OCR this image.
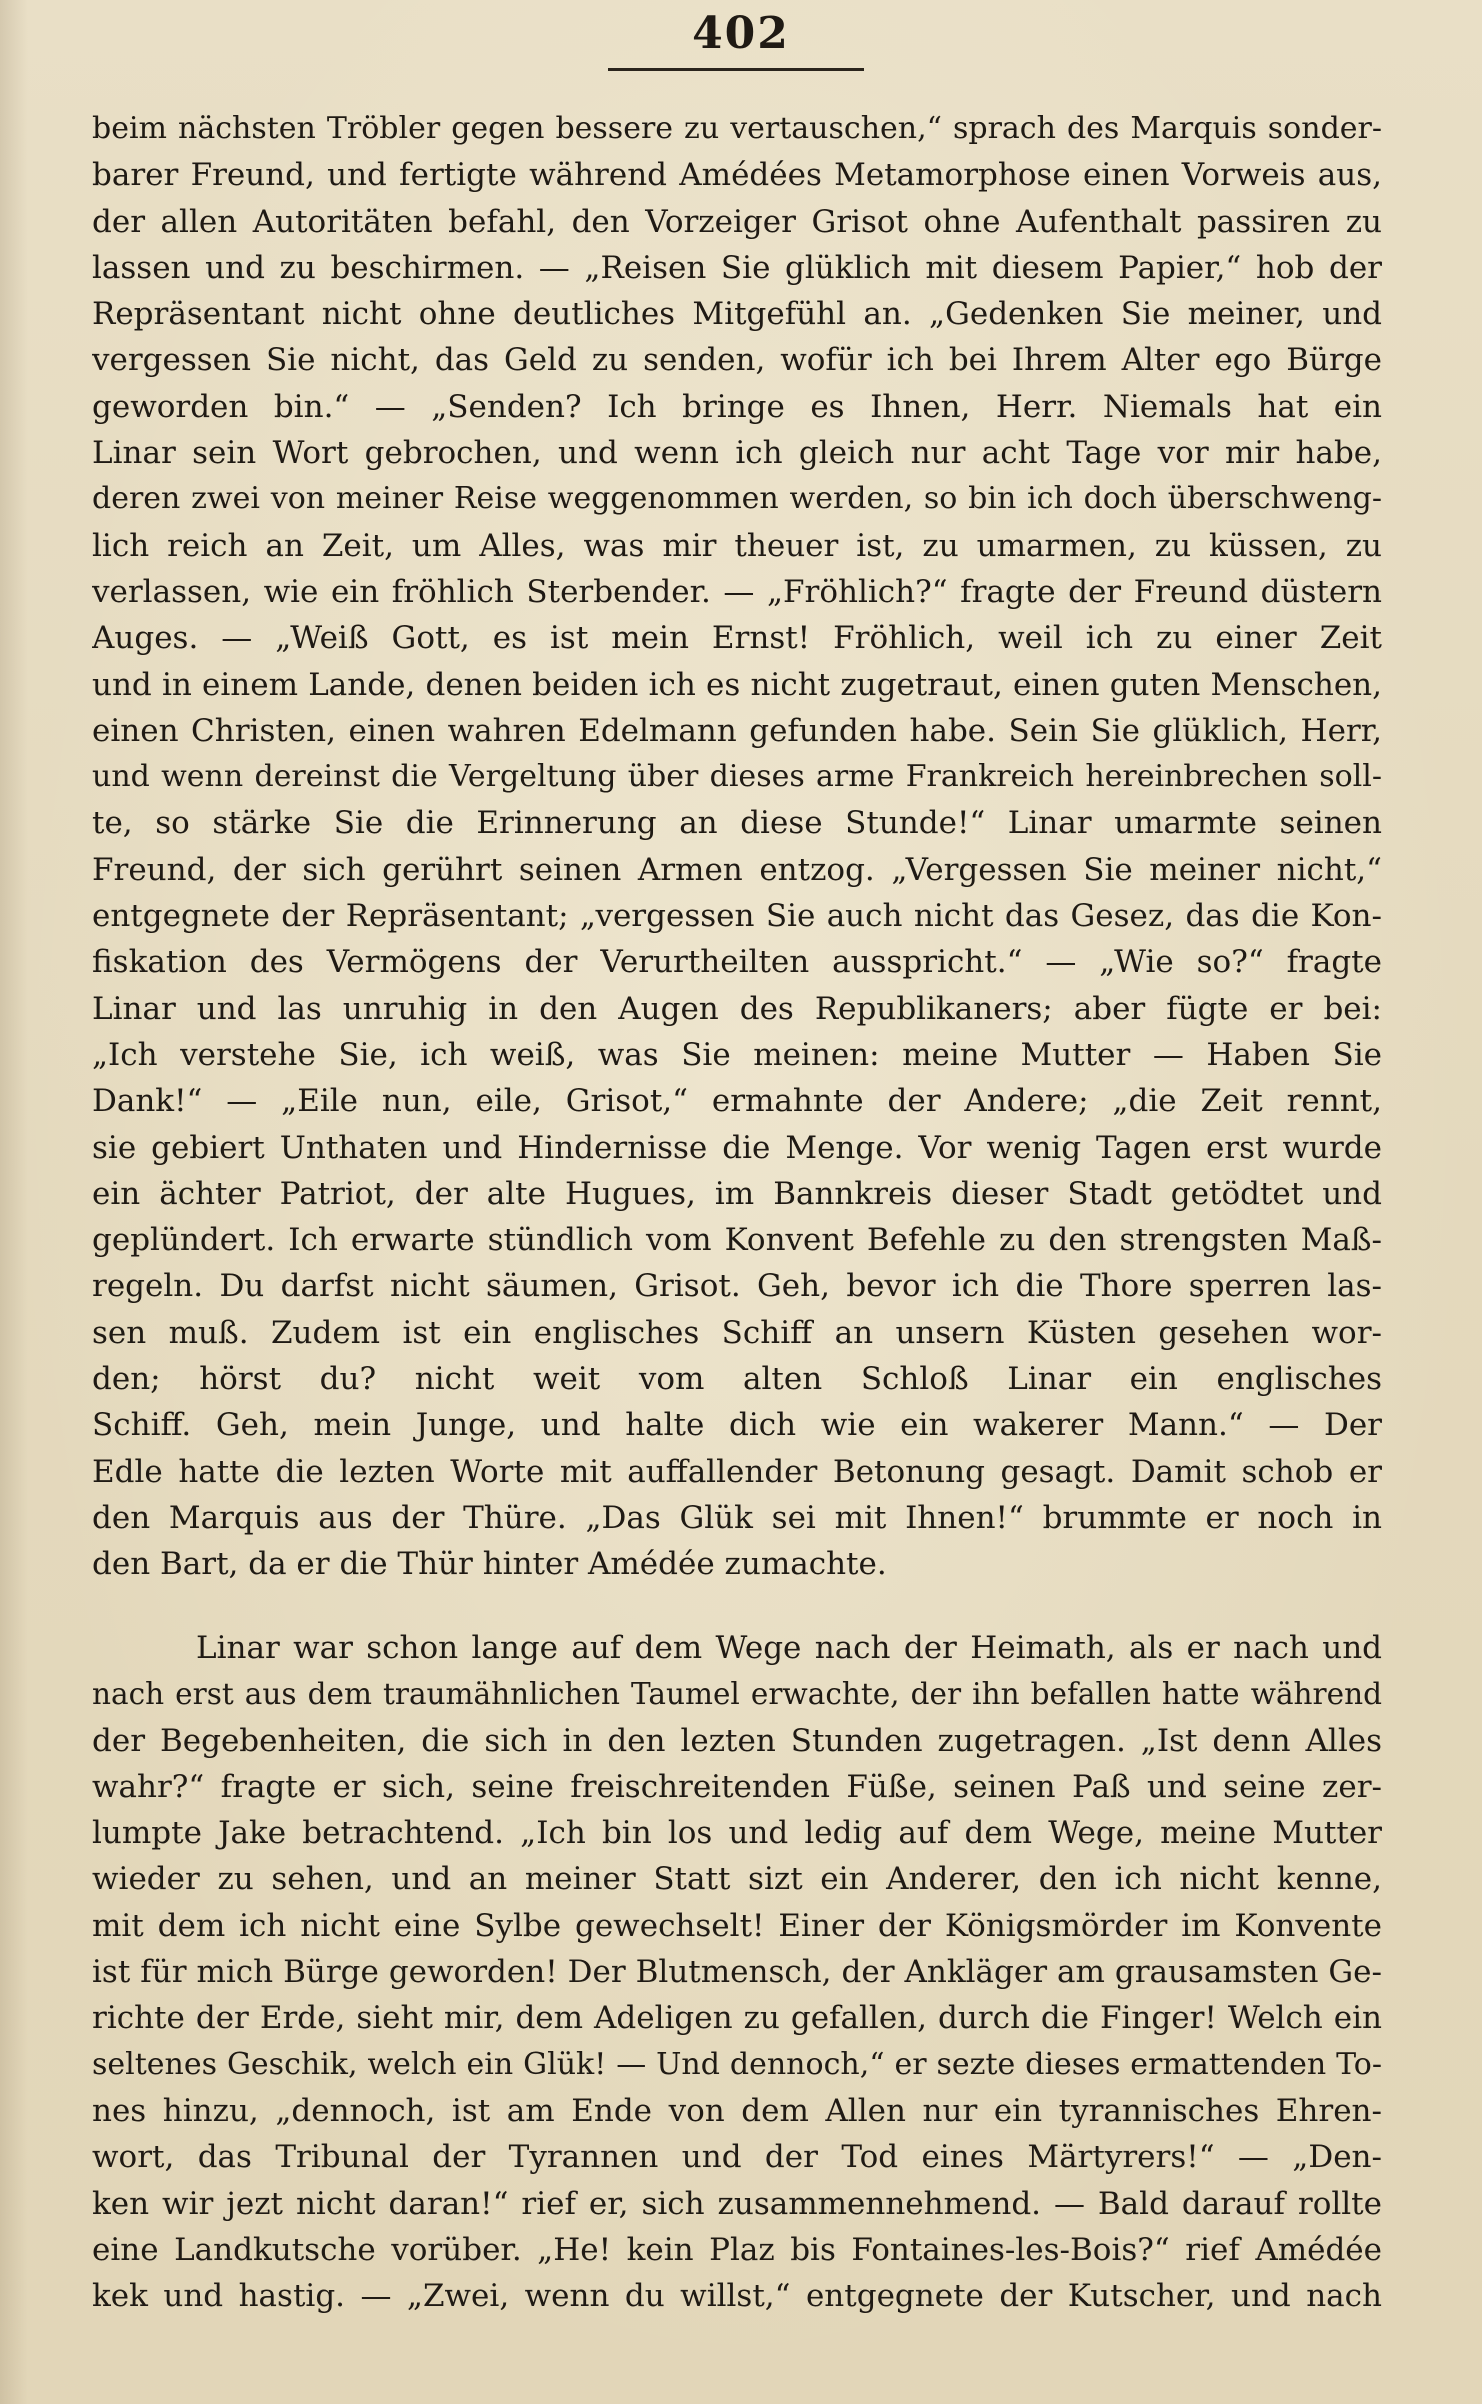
402
beim nächsten Tröbler gegen bessere zu vertauschen,“ sprach des Marquis sonder-
barer Freund, und fertigte während Amédées Metamorphose einen Vorweis aus,
der allen Autoritäten befahl, den Vorzeiger Grisot ohne Aufenthalt passiren zu
lassen und zu beschirmen. — „Reisen Sie glüklich mit diesem Papier,“ hob der
Repräsentant nicht ohne deutliches Mitgefühl an. „Gedenken Sie meiner, und
vergessen Sie nicht, das Geld zu senden, wofür ich bei Ihrem Alter ego Bürge
geworden bin.“ — „Senden? Ich bringe es Ihnen, Herr. Niemals hat ein
Linar sein Wort gebrochen, und wenn ich gleich nur acht Tage vor mir habe,
deren zwei von meiner Reise weggenommen werden, so bin ich doch überschweng-
lich reich an Zeit, um Alles, was mir theuer ist, zu umarmen, zu küssen, zu
verlassen, wie ein fröhlich Sterbender. — „Fröhlich?“ fragte der Freund düstern
Auges. — „Weiß Gott, es ist mein Ernst! Fröhlich, weil ich zu einer Zeit
und in einem Lande, denen beiden ich es nicht zugetraut, einen guten Menschen,
einen Christen, einen wahren Edelmann gefunden habe. Sein Sie glüklich, Herr,
und wenn dereinst die Vergeltung über dieses arme Frankreich hereinbrechen soll-
te, so stärke Sie die Erinnerung an diese Stunde!“ Linar umarmte seinen
Freund, der sich gerührt seinen Armen entzog. „Vergessen Sie meiner nicht,“
entgegnete der Repräsentant; „vergessen Sie auch nicht das Gesez, das die Kon-
fiskation des Vermögens der Verurtheilten ausspricht.“ — „Wie so?“ fragte
Linar und las unruhig in den Augen des Republikaners; aber fügte er bei:
„Ich verstehe Sie, ich weiß, was Sie meinen: meine Mutter — Haben Sie
Dank!“ — „Eile nun, eile, Grisot,“ ermahnte der Andere; „die Zeit rennt,
sie gebiert Unthaten und Hindernisse die Menge. Vor wenig Tagen erst wurde
ein ächter Patriot, der alte Hugues, im Bannkreis dieser Stadt getödtet und
geplündert. Ich erwarte stündlich vom Konvent Befehle zu den strengsten Maß-
regeln. Du darfst nicht säumen, Grisot. Geh, bevor ich die Thore sperren las-
sen muß. Zudem ist ein englisches Schiff an unsern Küsten gesehen wor-
den; hörst du? nicht weit vom alten Schloß Linar ein englisches
Schiff. Geh, mein Junge, und halte dich wie ein wakerer Mann.“ — Der
Edle hatte die lezten Worte mit auffallender Betonung gesagt. Damit schob er
den Marquis aus der Thüre. „Das Glük sei mit Ihnen!“ brummte er noch in
den Bart, da er die Thür hinter Amédée zumachte.
Linar war schon lange auf dem Wege nach der Heimath, als er nach und
nach erst aus dem traumähnlichen Taumel erwachte, der ihn befallen hatte während
der Begebenheiten, die sich in den lezten Stunden zugetragen. „Ist denn Alles
wahr?“ fragte er sich, seine freischreitenden Füße, seinen Paß und seine zer-
lumpte Jake betrachtend. „Ich bin los und ledig auf dem Wege, meine Mutter
wieder zu sehen, und an meiner Statt sizt ein Anderer, den ich nicht kenne,
mit dem ich nicht eine Sylbe gewechselt! Einer der Königsmörder im Konvente
ist für mich Bürge geworden! Der Blutmensch, der Ankläger am grausamsten Ge-
richte der Erde, sieht mir, dem Adeligen zu gefallen, durch die Finger! Welch ein
seltenes Geschik, welch ein Glük! — Und dennoch,“ er sezte dieses ermattenden To-
nes hinzu, „dennoch, ist am Ende von dem Allen nur ein tyrannisches Ehren-
wort, das Tribunal der Tyrannen und der Tod eines Märtyrers!“ — „Den-
ken wir jezt nicht daran!“ rief er, sich zusammennehmend. — Bald darauf rollte
eine Landkutsche vorüber. „He! kein Plaz bis Fontaines-les-Bois?“ rief Amédée
kek und hastig. — „Zwei, wenn du willst,“ entgegnete der Kutscher, und nach
